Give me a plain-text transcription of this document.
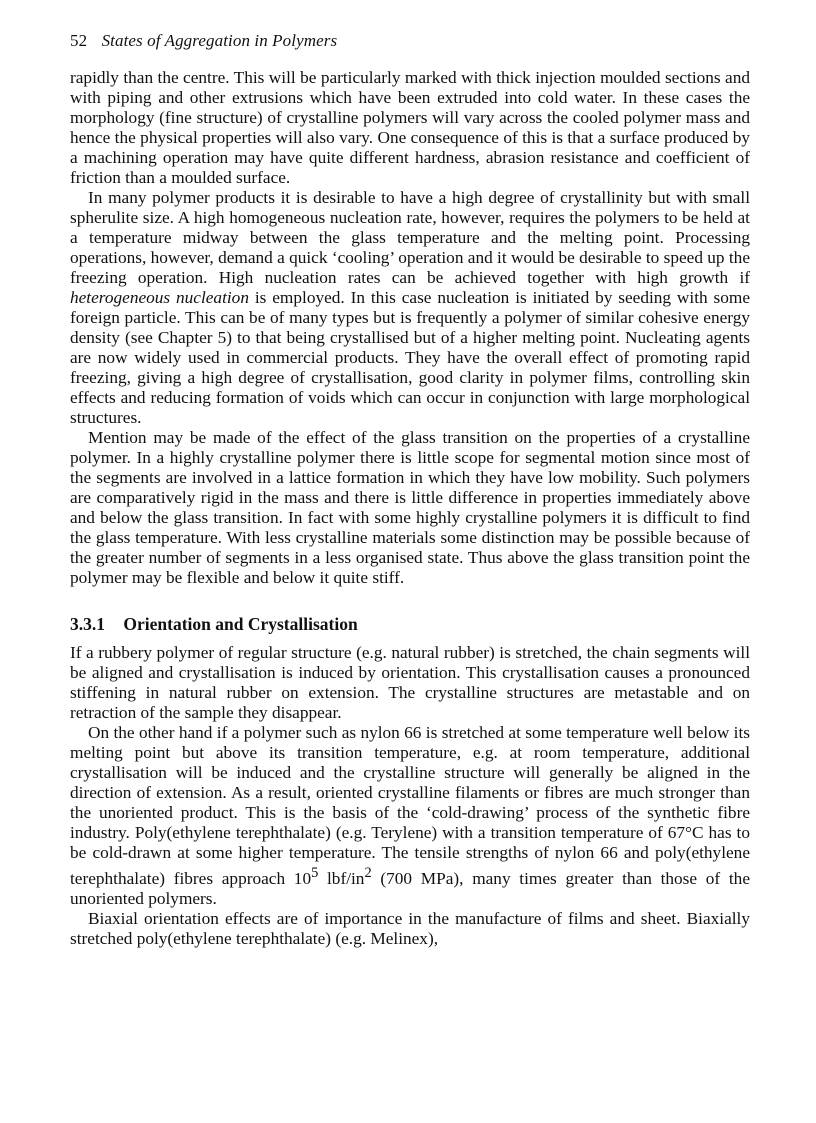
52 States of Aggregation in Polymers

rapidly than the centre. This will be particularly marked with thick injection moulded sections and with piping and other extrusions which have been extruded into cold water. In these cases the morphology (fine structure) of crystalline polymers will vary across the cooled polymer mass and hence the physical properties will also vary. One consequence of this is that a surface produced by a machining operation may have quite different hardness, abrasion resistance and coefficient of friction than a moulded surface.

In many polymer products it is desirable to have a high degree of crystallinity but with small spherulite size. A high homogeneous nucleation rate, however, requires the polymers to be held at a temperature midway between the glass temperature and the melting point. Processing operations, however, demand a quick ‘cooling’ operation and it would be desirable to speed up the freezing operation. High nucleation rates can be achieved together with high growth if heterogeneous nucleation is employed. In this case nucleation is initiated by seeding with some foreign particle. This can be of many types but is frequently a polymer of similar cohesive energy density (see Chapter 5) to that being crystallised but of a higher melting point. Nucleating agents are now widely used in commercial products. They have the overall effect of promoting rapid freezing, giving a high degree of crystallisation, good clarity in polymer films, controlling skin effects and reducing formation of voids which can occur in conjunction with large morphological structures.

Mention may be made of the effect of the glass transition on the properties of a crystalline polymer. In a highly crystalline polymer there is little scope for segmental motion since most of the segments are involved in a lattice formation in which they have low mobility. Such polymers are comparatively rigid in the mass and there is little difference in properties immediately above and below the glass transition. In fact with some highly crystalline polymers it is difficult to find the glass temperature. With less crystalline materials some distinction may be possible because of the greater number of segments in a less organised state. Thus above the glass transition point the polymer may be flexible and below it quite stiff.

3.3.1 Orientation and Crystallisation

If a rubbery polymer of regular structure (e.g. natural rubber) is stretched, the chain segments will be aligned and crystallisation is induced by orientation. This crystallisation causes a pronounced stiffening in natural rubber on extension. The crystalline structures are metastable and on retraction of the sample they disappear.

On the other hand if a polymer such as nylon 66 is stretched at some temperature well below its melting point but above its transition temperature, e.g. at room temperature, additional crystallisation will be induced and the crystalline structure will generally be aligned in the direction of extension. As a result, oriented crystalline filaments or fibres are much stronger than the unoriented product. This is the basis of the ‘cold-drawing’ process of the synthetic fibre industry. Poly(ethylene terephthalate) (e.g. Terylene) with a transition temperature of 67°C has to be cold-drawn at some higher temperature. The tensile strengths of nylon 66 and poly(ethylene terephthalate) fibres approach $10^5$ lbf/$in^2$ (700 MPa), many times greater than those of the unoriented polymers.

Biaxial orientation effects are of importance in the manufacture of films and sheet. Biaxially stretched poly(ethylene terephthalate) (e.g. Melinex),
